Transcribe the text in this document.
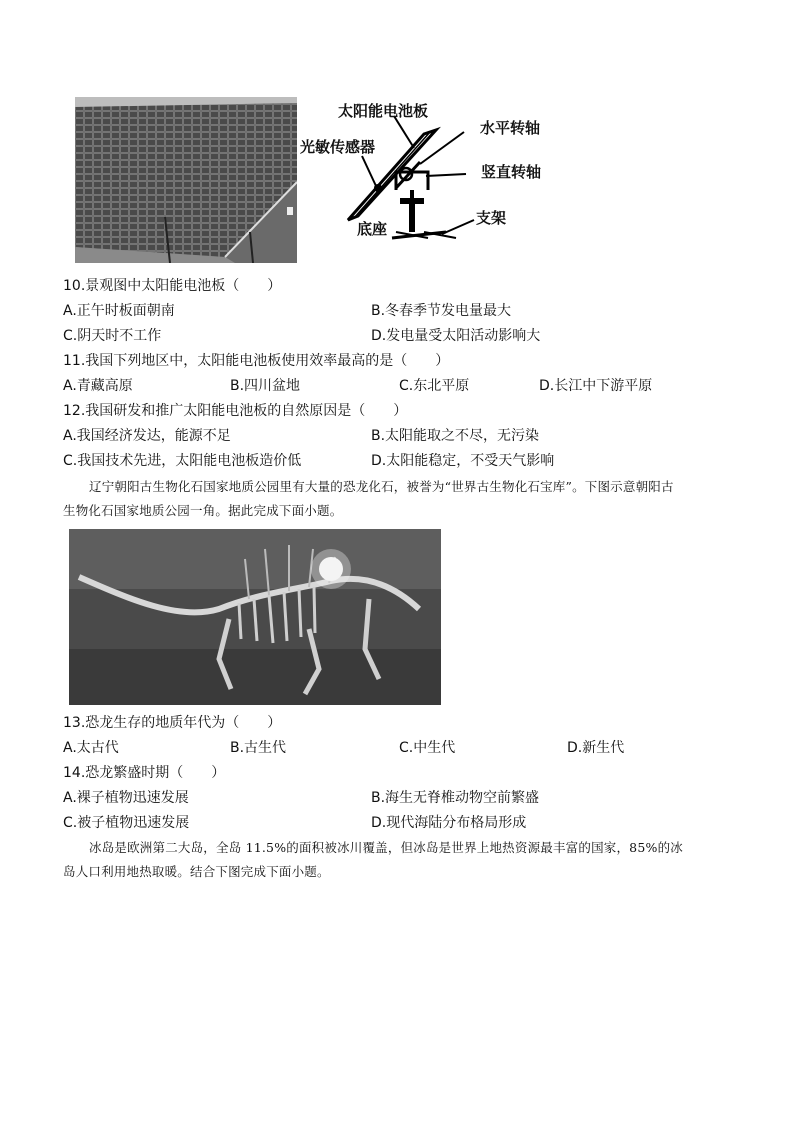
太阳能电池板
水平转轴
光敏传感器
竖直转轴
支架
底座
10.景观图中太阳能电池板（　　）
A.正午时板面朝南	B.冬春季节发电量最大
C.阴天时不工作	D.发电量受太阳活动影响大
11.我国下列地区中，太阳能电池板使用效率最高的是（　　）
A.青藏高原	B.四川盆地	C.东北平原	D.长江中下游平原
12.我国研发和推广太阳能电池板的自然原因是（　　）
A.我国经济发达，能源不足	B.太阳能取之不尽，无污染
C.我国技术先进，太阳能电池板造价低	D.太阳能稳定，不受天气影响
辽宁朝阳古生物化石国家地质公园里有大量的恐龙化石，被誉为“世界古生物化石宝库”。下图示意朝阳古
生物化石国家地质公园一角。据此完成下面小题。
13.恐龙生存的地质年代为（　　）
A.太古代	B.古生代	C.中生代	D.新生代
14.恐龙繁盛时期（　　）
A.裸子植物迅速发展	B.海生无脊椎动物空前繁盛
C.被子植物迅速发展	D.现代海陆分布格局形成
冰岛是欧洲第二大岛，全岛 11.5%的面积被冰川覆盖，但冰岛是世界上地热资源最丰富的国家，85%的冰
岛人口利用地热取暖。结合下图完成下面小题。
